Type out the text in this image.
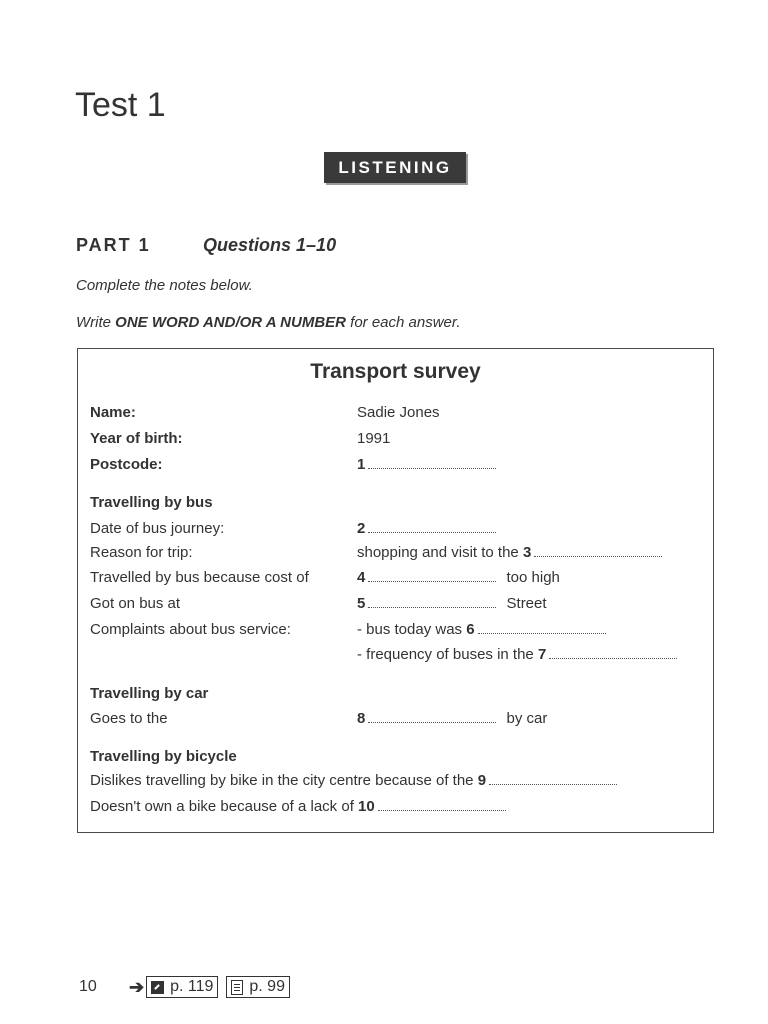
Test 1
LISTENING
PART 1	Questions 1–10
Complete the notes below.
Write ONE WORD AND/OR A NUMBER for each answer.
Transport survey
Name:	Sadie Jones
Year of birth:	1991
Postcode:	1
Travelling by bus
Date of bus journey:	2
Reason for trip:	shopping and visit to the 3
Travelled by bus because cost of	4	too high
Got on bus at	5	Street
Complaints about bus service:	- bus today was 6
- frequency of buses in the 7
Travelling by car
Goes to the	8	by car
Travelling by bicycle
Dislikes travelling by bike in the city centre because of the 9
Doesn't own a bike because of a lack of 10
10	➔ p. 119 p. 99
